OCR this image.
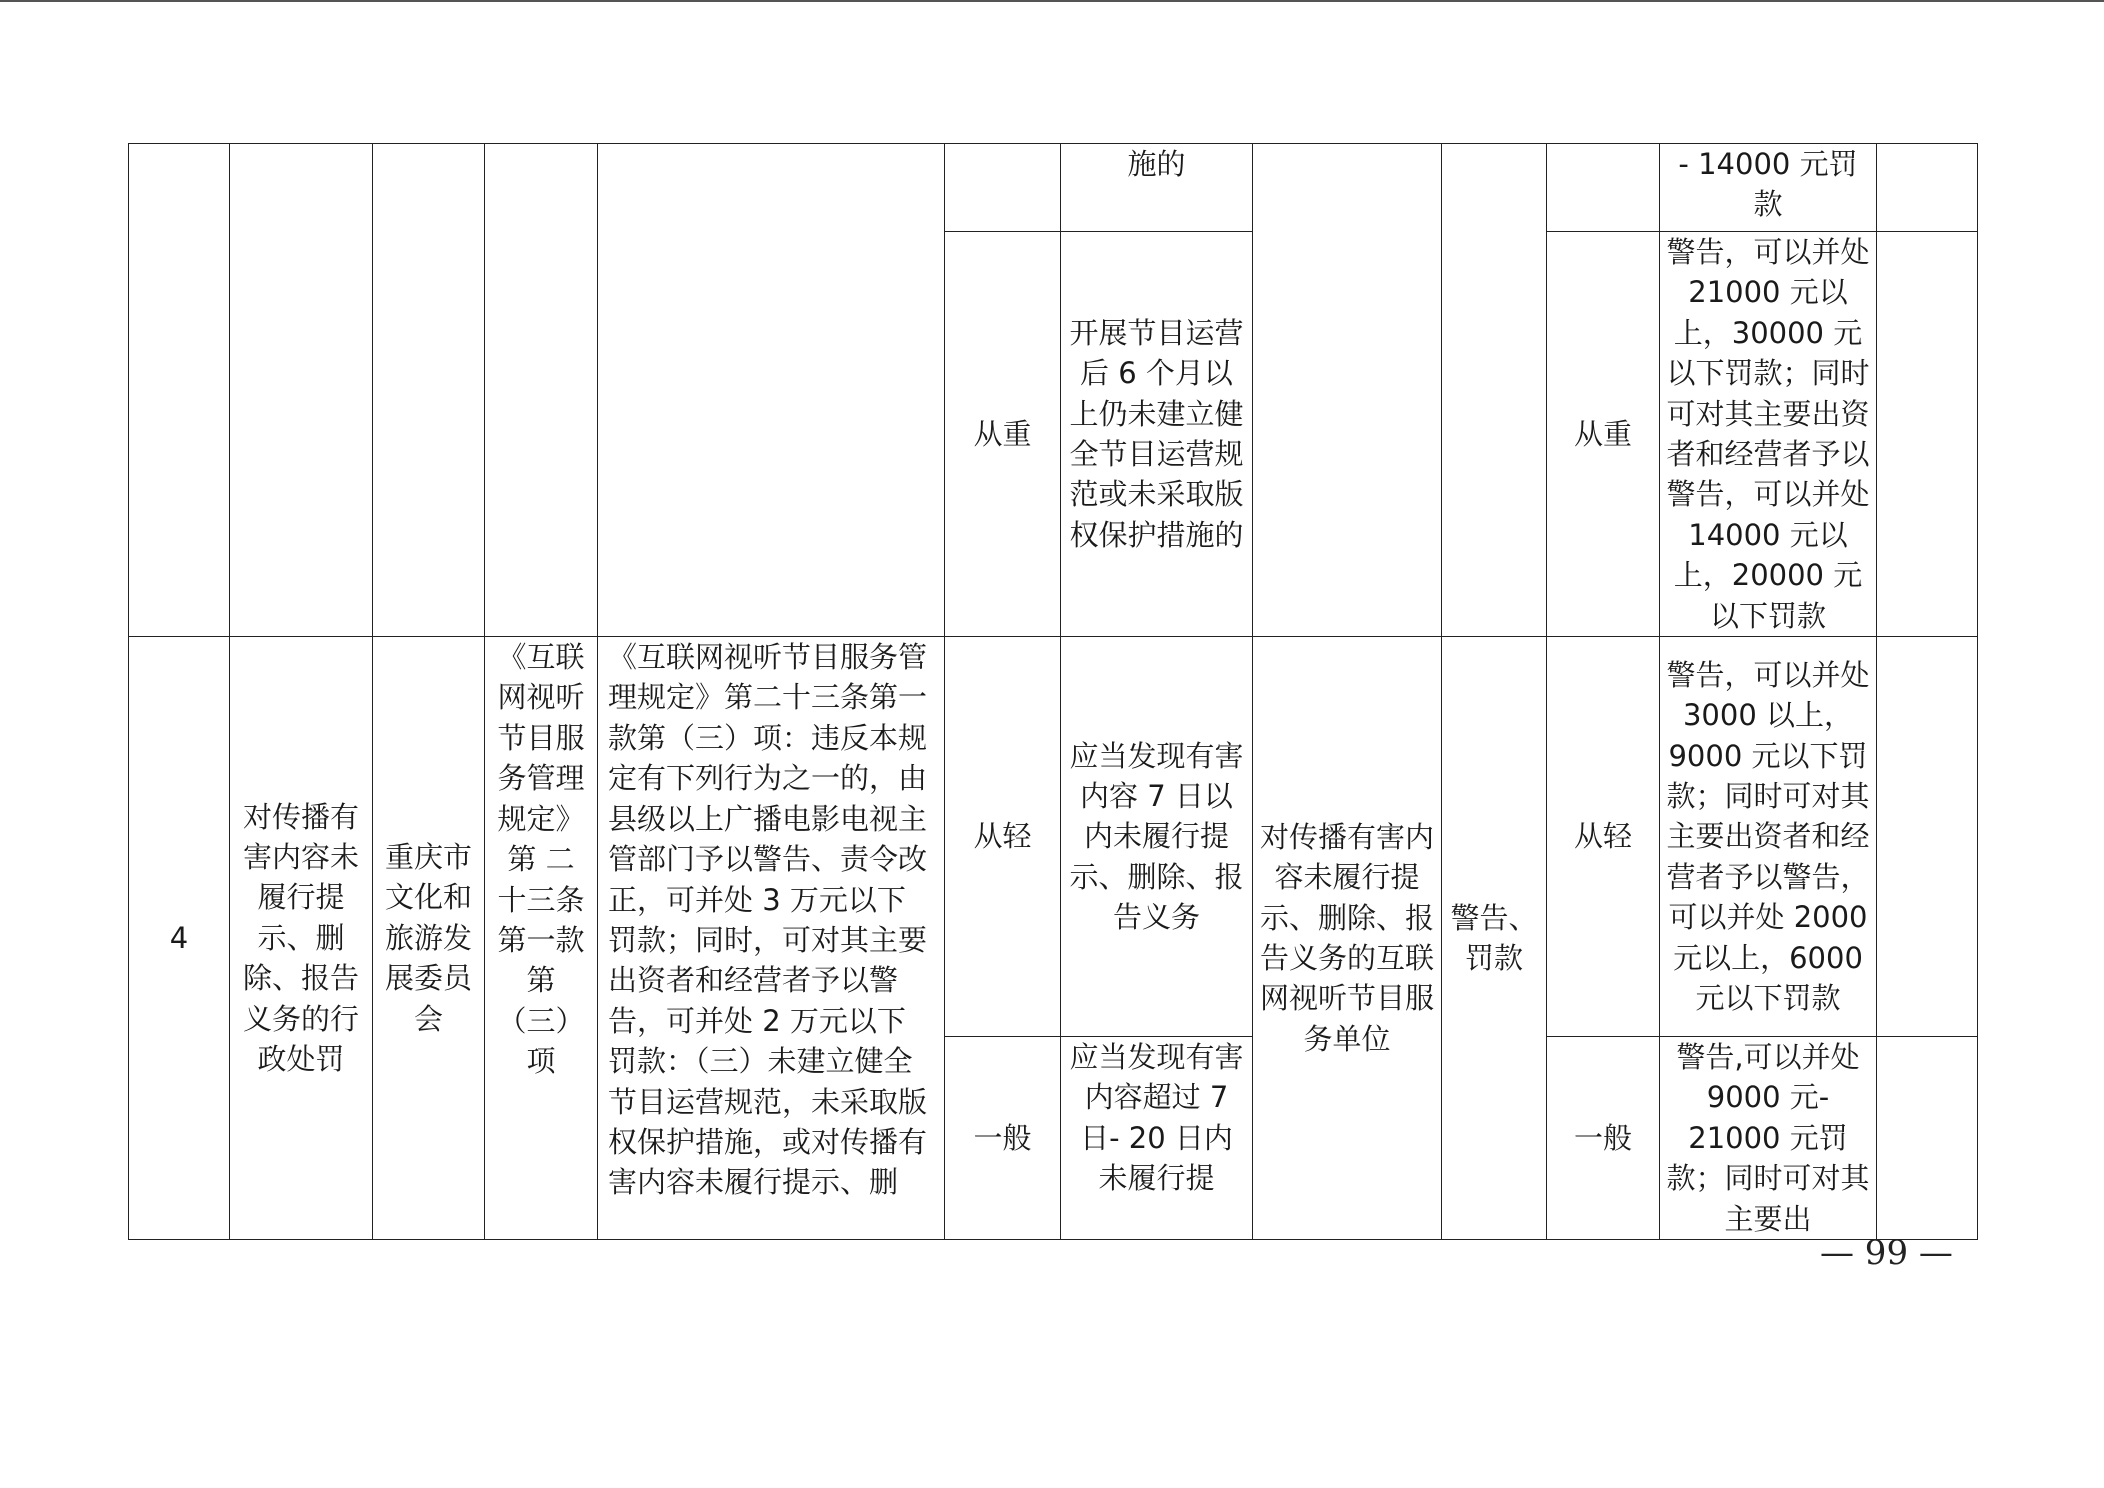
						施的				- 14000 元罚款	
					从重	开展节目运营后 6 个月以上仍未建立健全节目运营规范或未采取版权保护措施的			从重	警告，可以并处 21000 元以上，30000 元以下罚款；同时可对其主要出资者和经营者予以警告，可以并处 14000 元以上，20000 元以下罚款	
4	对传播有害内容未履行提示、删除、报告义务的行政处罚	重庆市文化和旅游发展委员会	《互联网视听节目服务管理规定》第 二 十三条第一款第（三）项	《互联网视听节目服务管理规定》第二十三条第一款第（三）项：违反本规定有下列行为之一的，由县级以上广播电影电视主管部门予以警告、责令改正，可并处 3 万元以下罚款；同时，可对其主要出资者和经营者予以警告，可并处 2 万元以下罚款：（三）未建立健全节目运营规范，未采取版权保护措施，或对传播有害内容未履行提示、删	从轻	应当发现有害内容 7 日以内未履行提示、删除、报告义务	对传播有害内容未履行提示、删除、报告义务的互联网视听节目服务单位	警告、罚款	从轻	警告，可以并处 3000 以上，9000 元以下罚款；同时可对其主要出资者和经营者予以警告，可以并处 2000 元以上，6000 元以下罚款	
					一般	应当发现有害内容超过 7日- 20 日内未履行提			一般	警告,可以并处 9000 元- 21000 元罚款；同时可对其主要出	
— 99 —
